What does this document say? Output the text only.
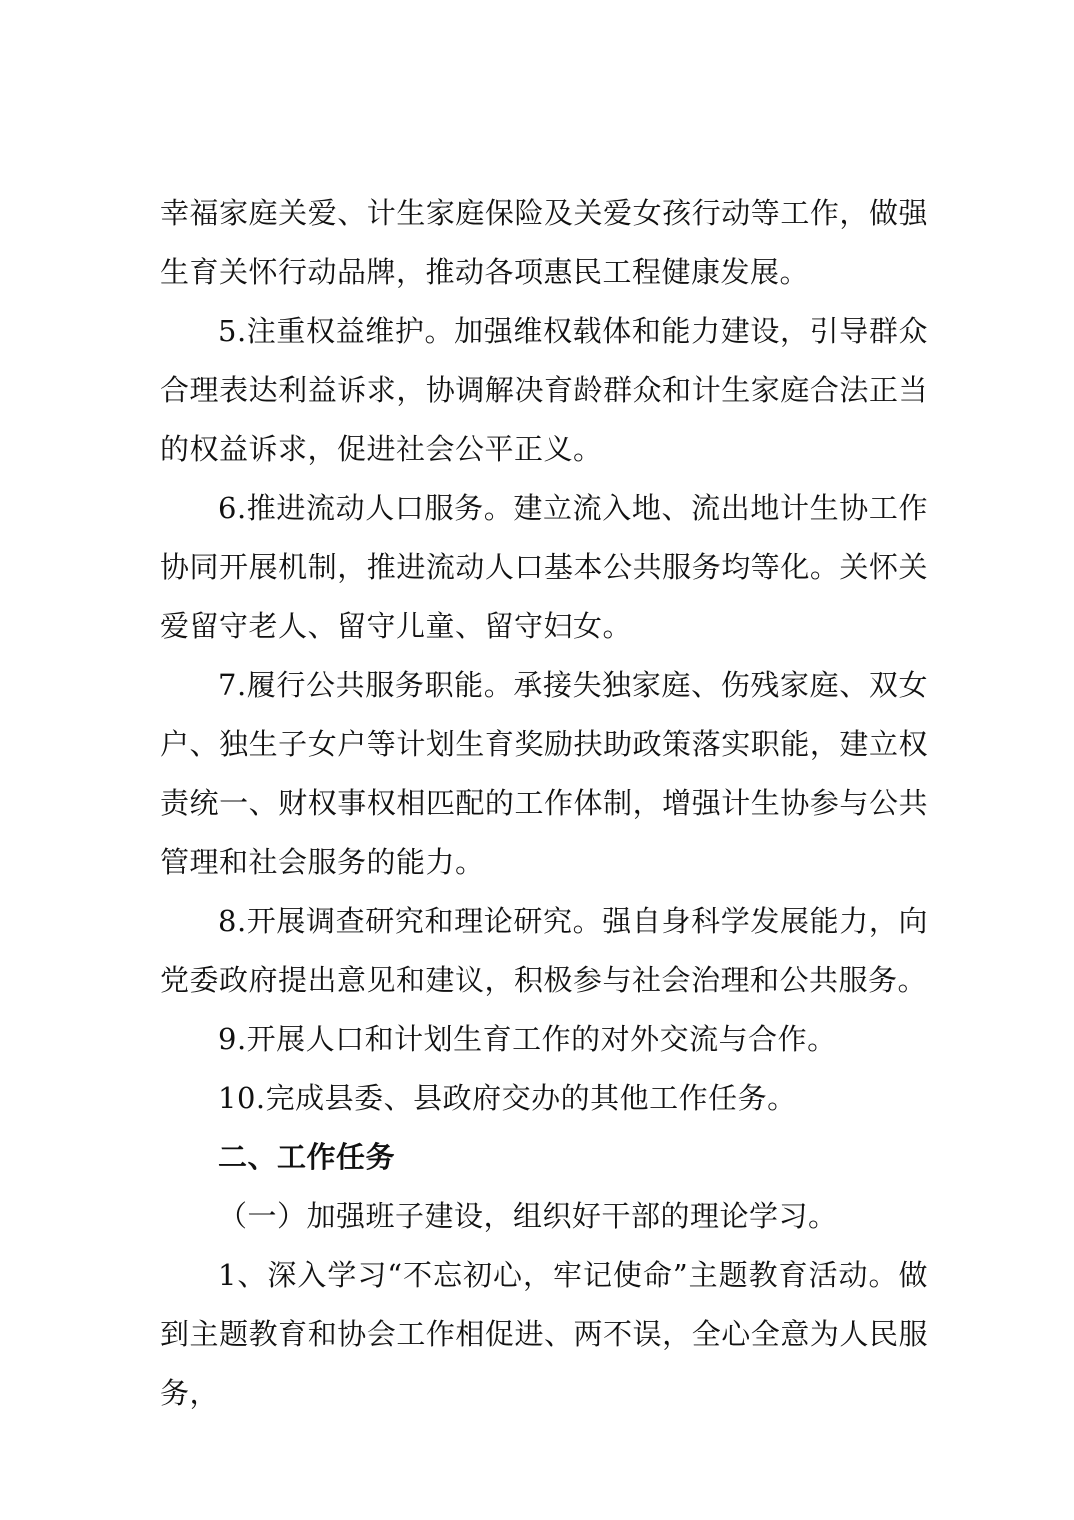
幸福家庭关爱、计生家庭保险及关爱女孩行动等工作，做强生育关怀行动品牌，推动各项惠民工程健康发展。

5.注重权益维护。加强维权载体和能力建设，引导群众合理表达利益诉求，协调解决育龄群众和计生家庭合法正当的权益诉求，促进社会公平正义。

6.推进流动人口服务。建立流入地、流出地计生协工作协同开展机制，推进流动人口基本公共服务均等化。关怀关爱留守老人、留守儿童、留守妇女。

7.履行公共服务职能。承接失独家庭、伤残家庭、双女户、独生子女户等计划生育奖励扶助政策落实职能，建立权责统一、财权事权相匹配的工作体制，增强计生协参与公共管理和社会服务的能力。

8.开展调查研究和理论研究。强自身科学发展能力，向党委政府提出意见和建议，积极参与社会治理和公共服务。

9.开展人口和计划生育工作的对外交流与合作。

10.完成县委、县政府交办的其他工作任务。

二、工作任务

（一）加强班子建设，组织好干部的理论学习。

1、深入学习“不忘初心，牢记使命”主题教育活动。做到主题教育和协会工作相促进、两不误，全心全意为人民服务，
